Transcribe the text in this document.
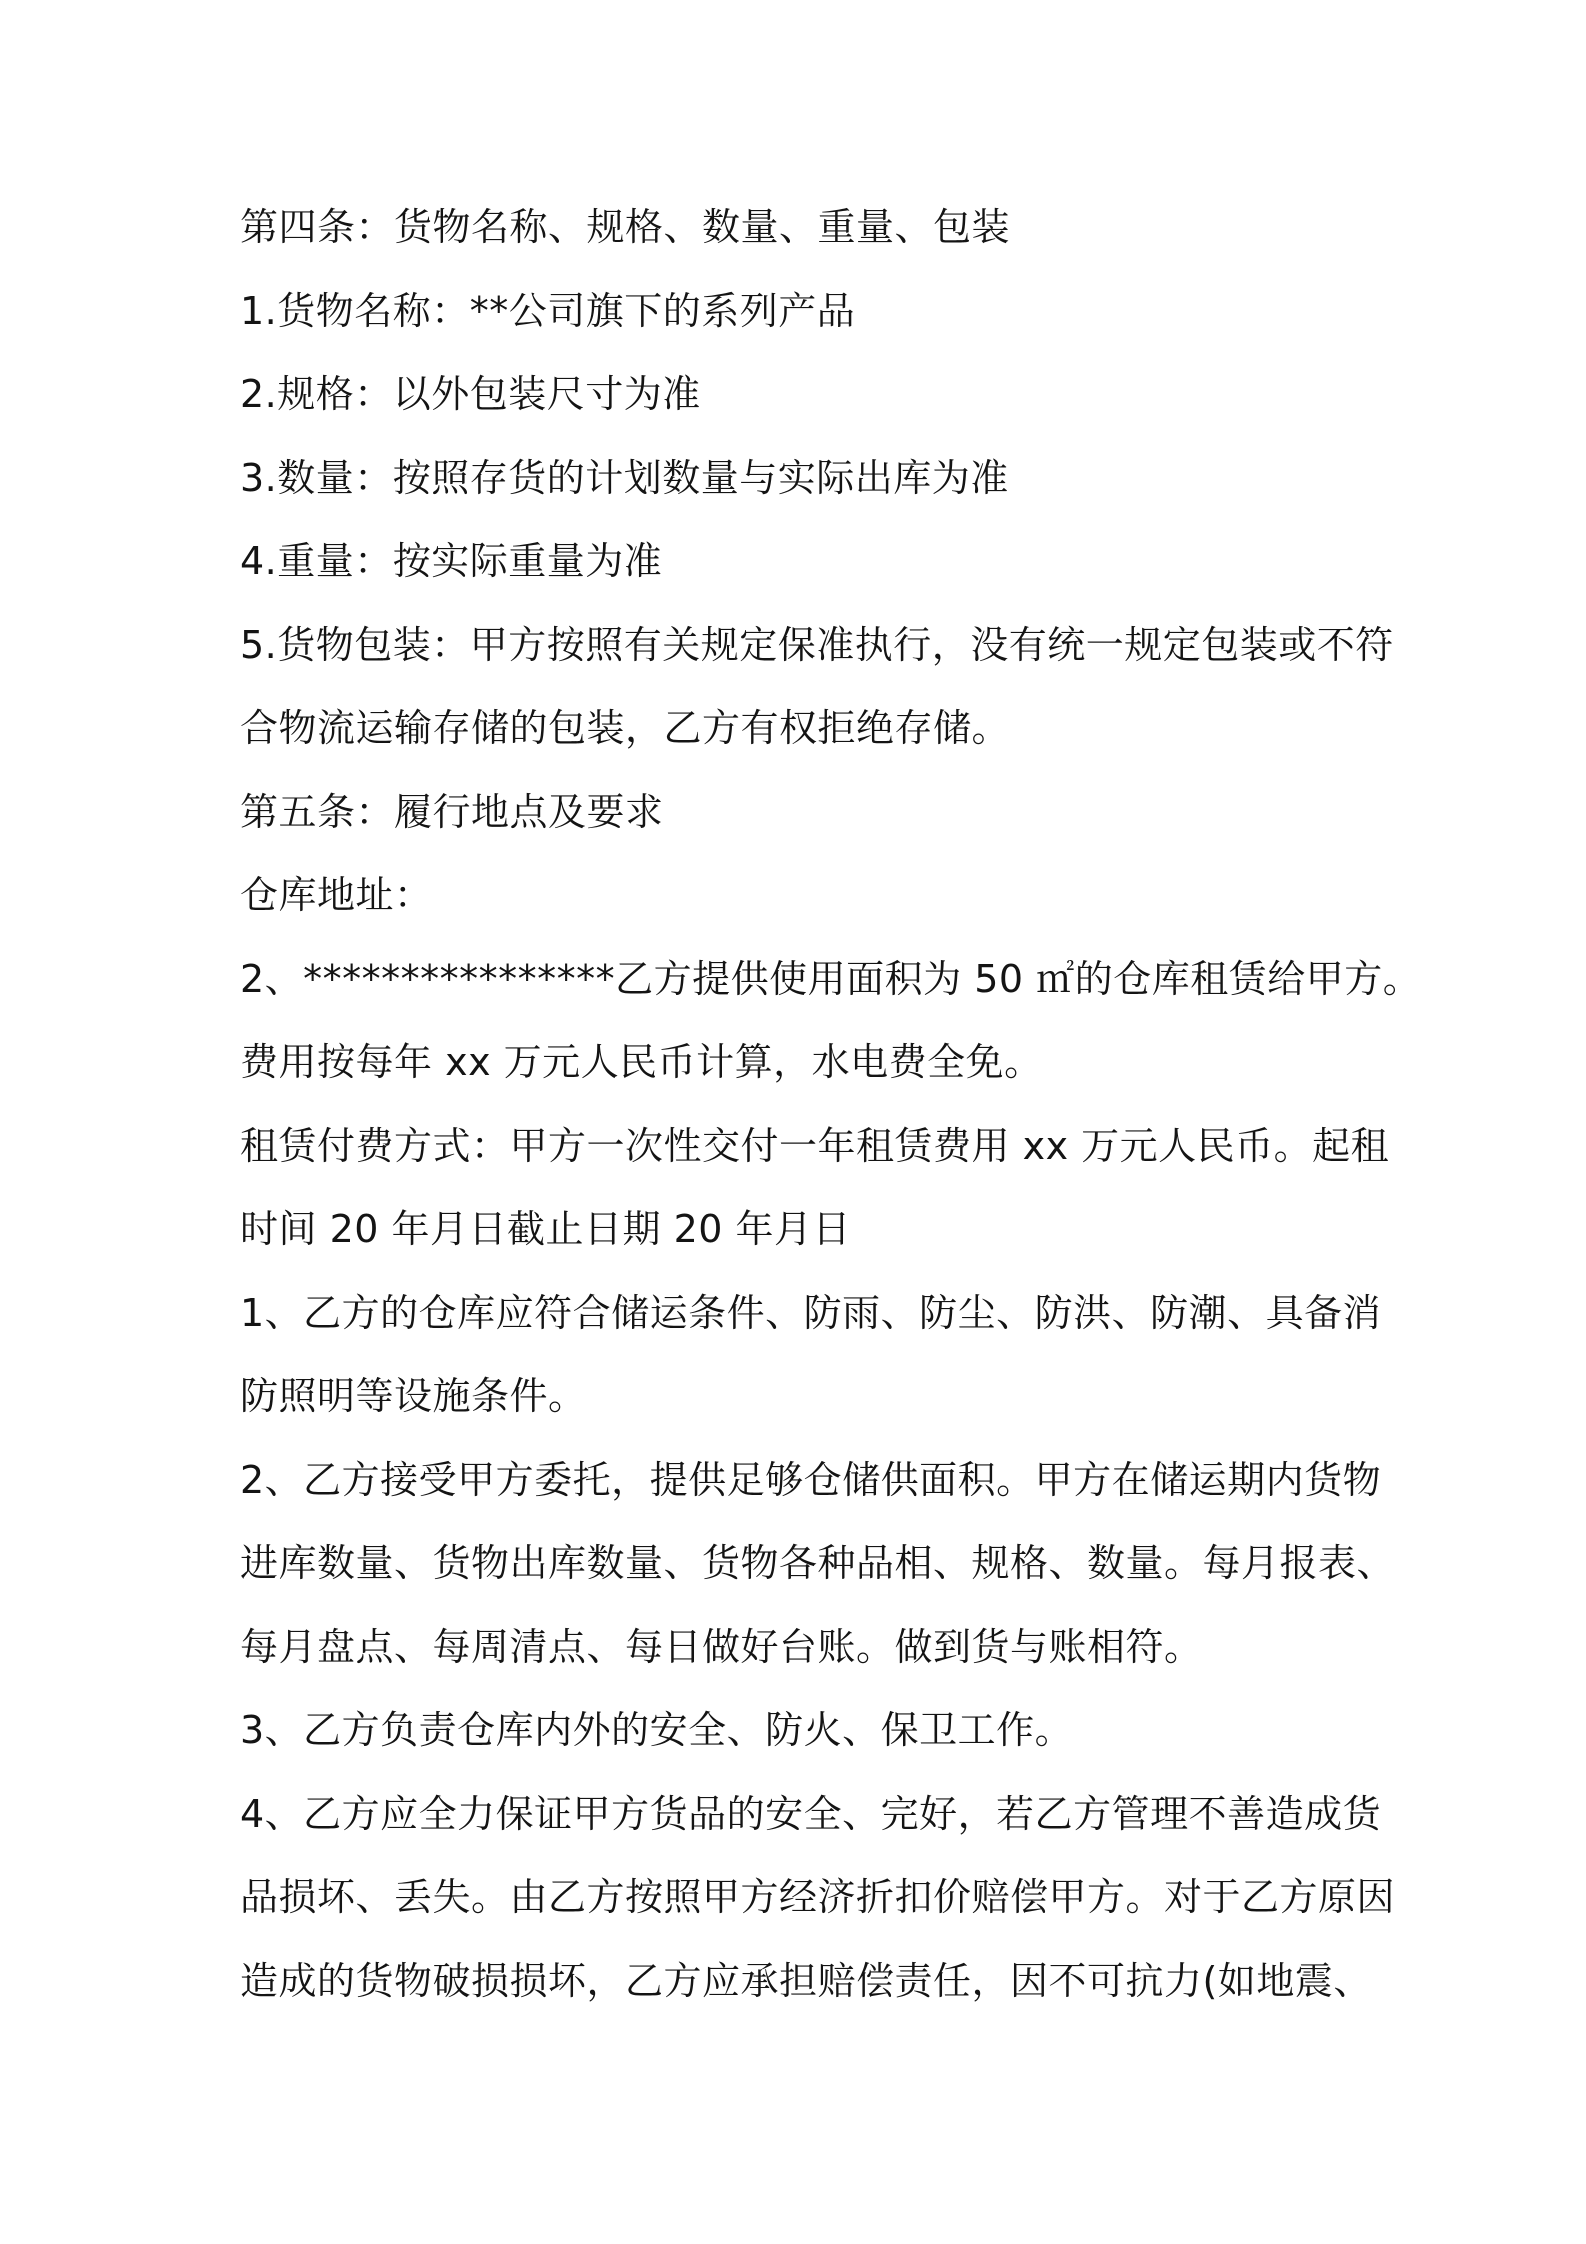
第四条：货物名称、规格、数量、重量、包装
1.货物名称：**公司旗下的系列产品
2.规格：以外包装尺寸为准
3.数量：按照存货的计划数量与实际出库为准
4.重量：按实际重量为准
5.货物包装：甲方按照有关规定保准执行，没有统一规定包装或不符
合物流运输存储的包装，乙方有权拒绝存储。
第五条：履行地点及要求
仓库地址：
2、****************乙方提供使用面积为 50 ㎡的仓库租赁给甲方。
费用按每年 xx 万元人民币计算，水电费全免。
租赁付费方式：甲方一次性交付一年租赁费用 xx 万元人民币。起租
时间 20 年月日截止日期 20 年月日
1、乙方的仓库应符合储运条件、防雨、防尘、防洪、防潮、具备消
防照明等设施条件。
2、乙方接受甲方委托，提供足够仓储供面积。甲方在储运期内货物
进库数量、货物出库数量、货物各种品相、规格、数量。每月报表、
每月盘点、每周清点、每日做好台账。做到货与账相符。
3、乙方负责仓库内外的安全、防火、保卫工作。
4、乙方应全力保证甲方货品的安全、完好，若乙方管理不善造成货
品损坏、丢失。由乙方按照甲方经济折扣价赔偿甲方。对于乙方原因
造成的货物破损损坏，乙方应承担赔偿责任，因不可抗力(如地震、
